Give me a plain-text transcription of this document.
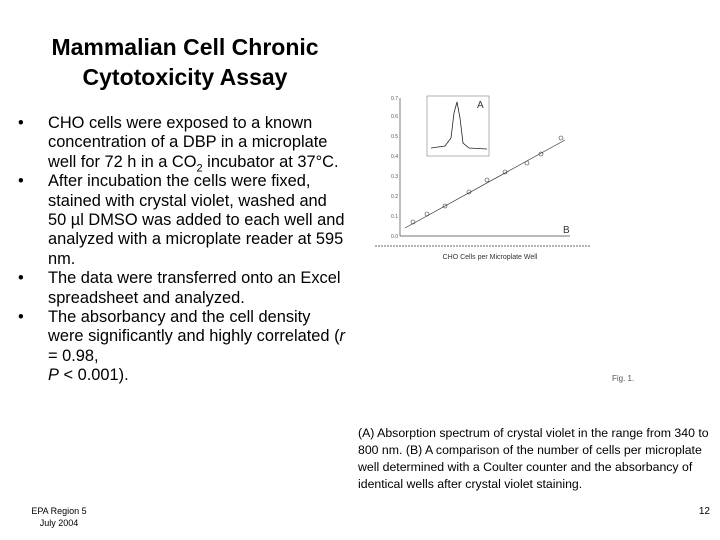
Mammalian Cell Chronic
Cytotoxicity Assay
• CHO cells were exposed to a known concentration of a DBP in a microplate well for 72 h in a $CO_2$ incubator at 37°C.
• After incubation the cells were fixed, stained with crystal violet, washed and 50 µl DMSO was added to each well and analyzed with a microplate reader at 595 nm.
• The data were transferred onto an Excel spreadsheet and analyzed.
• The absorbancy and the cell density were significantly and highly correlated (r = 0.98,
P < 0.001).
0.7
0.6
0.5
0.4
0.3
0.2
0.1
0.0
A
B
CHO Cells per Microplate Well
Fig. 1.
(A) Absorption spectrum of crystal violet in the range from 340 to 800 nm. (B) A comparison of the number of cells per microplate well determined with a Coulter counter and the absorbancy of identical wells after crystal violet staining.
EPA Region 5
July 2004
12
